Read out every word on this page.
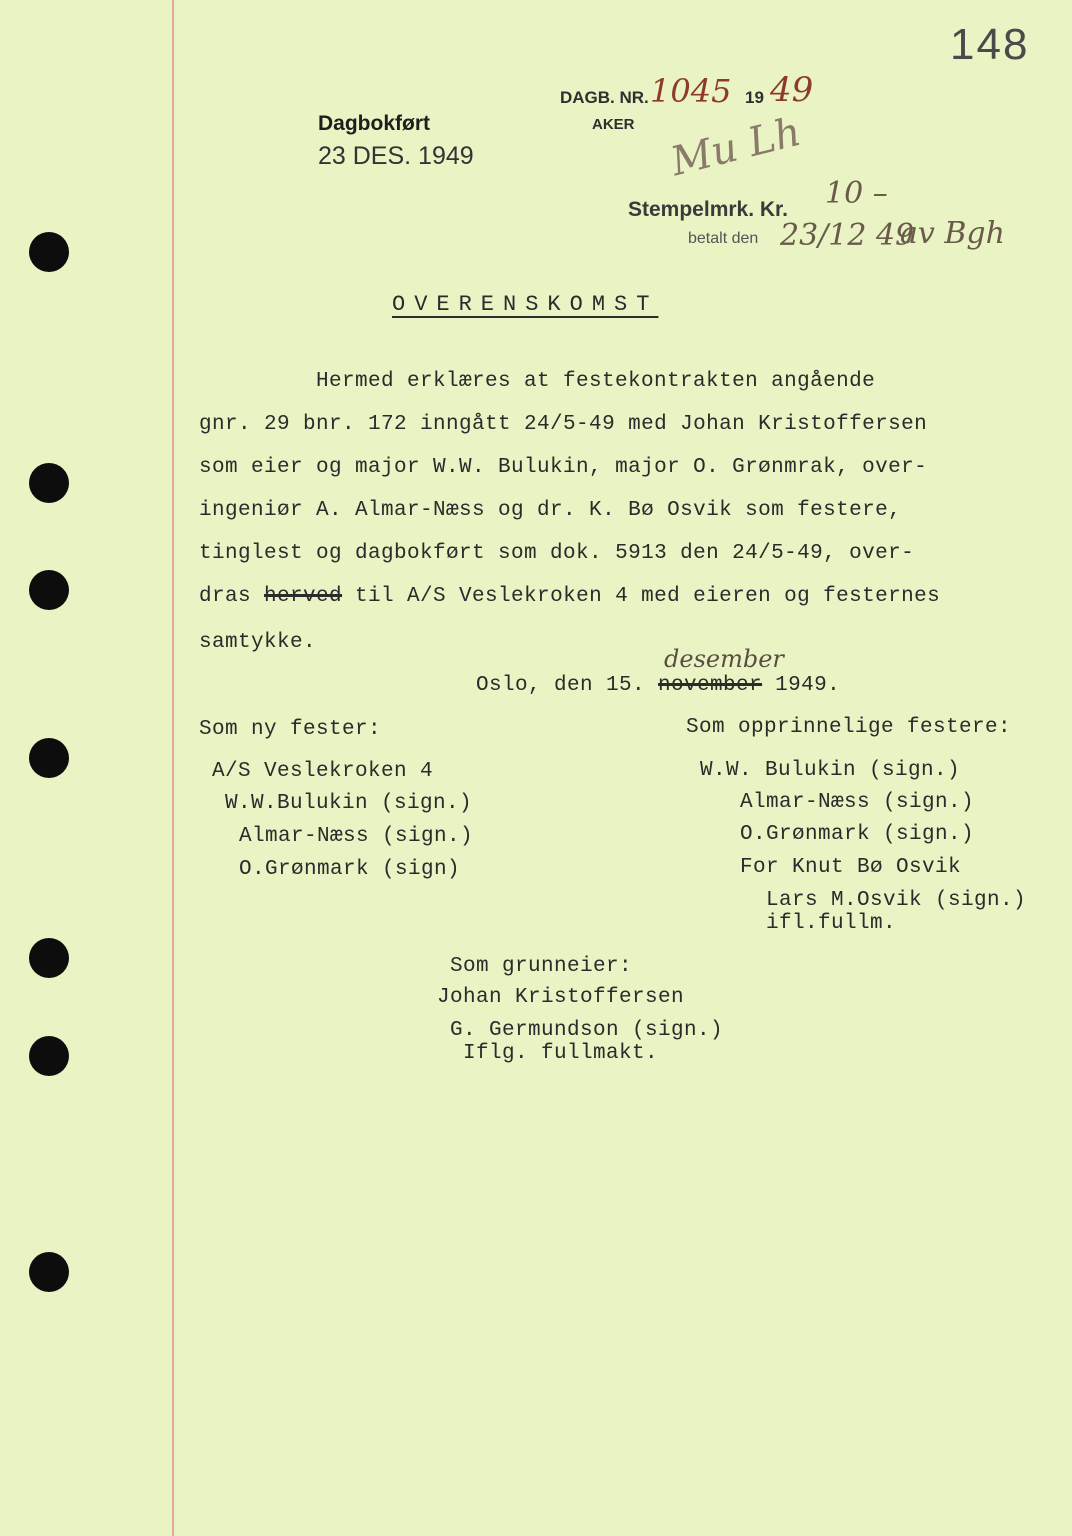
148
Dagbokført
23 DES. 1949
DAGB. NR. 1045 19 49
AKER Mu Lh
Stempelmrk. Kr. 10 –
betalt den 23/12 49
av Bgh
OVERENSKOMST
Hermed erklæres at festekontrakten angående
gnr. 29 bnr. 172 inngått 24/5-49 med Johan Kristoffersen
som eier og major W.W. Bulukin, major O. Grønmrak, over-
ingeniør A. Almar-Næss og dr. K. Bø Osvik som festere,
tinglest og dagbokført som dok. 5913 den 24/5-49, over-
dras herved til A/S Veslekroken 4 med eieren og festernes
samtykke.
desember
Oslo, den 15. november 1949.
Som ny fester:
A/S Veslekroken 4
W.W.Bulukin (sign.)
Almar-Næss (sign.)
O.Grønmark (sign)
Som opprinnelige festere:
W.W. Bulukin (sign.)
Almar-Næss (sign.)
O.Grønmark (sign.)
For Knut Bø Osvik
Lars M.Osvik (sign.)
ifl.fullm.
Som grunneier:
Johan Kristoffersen
G. Germundson (sign.)
Iflg. fullmakt.
